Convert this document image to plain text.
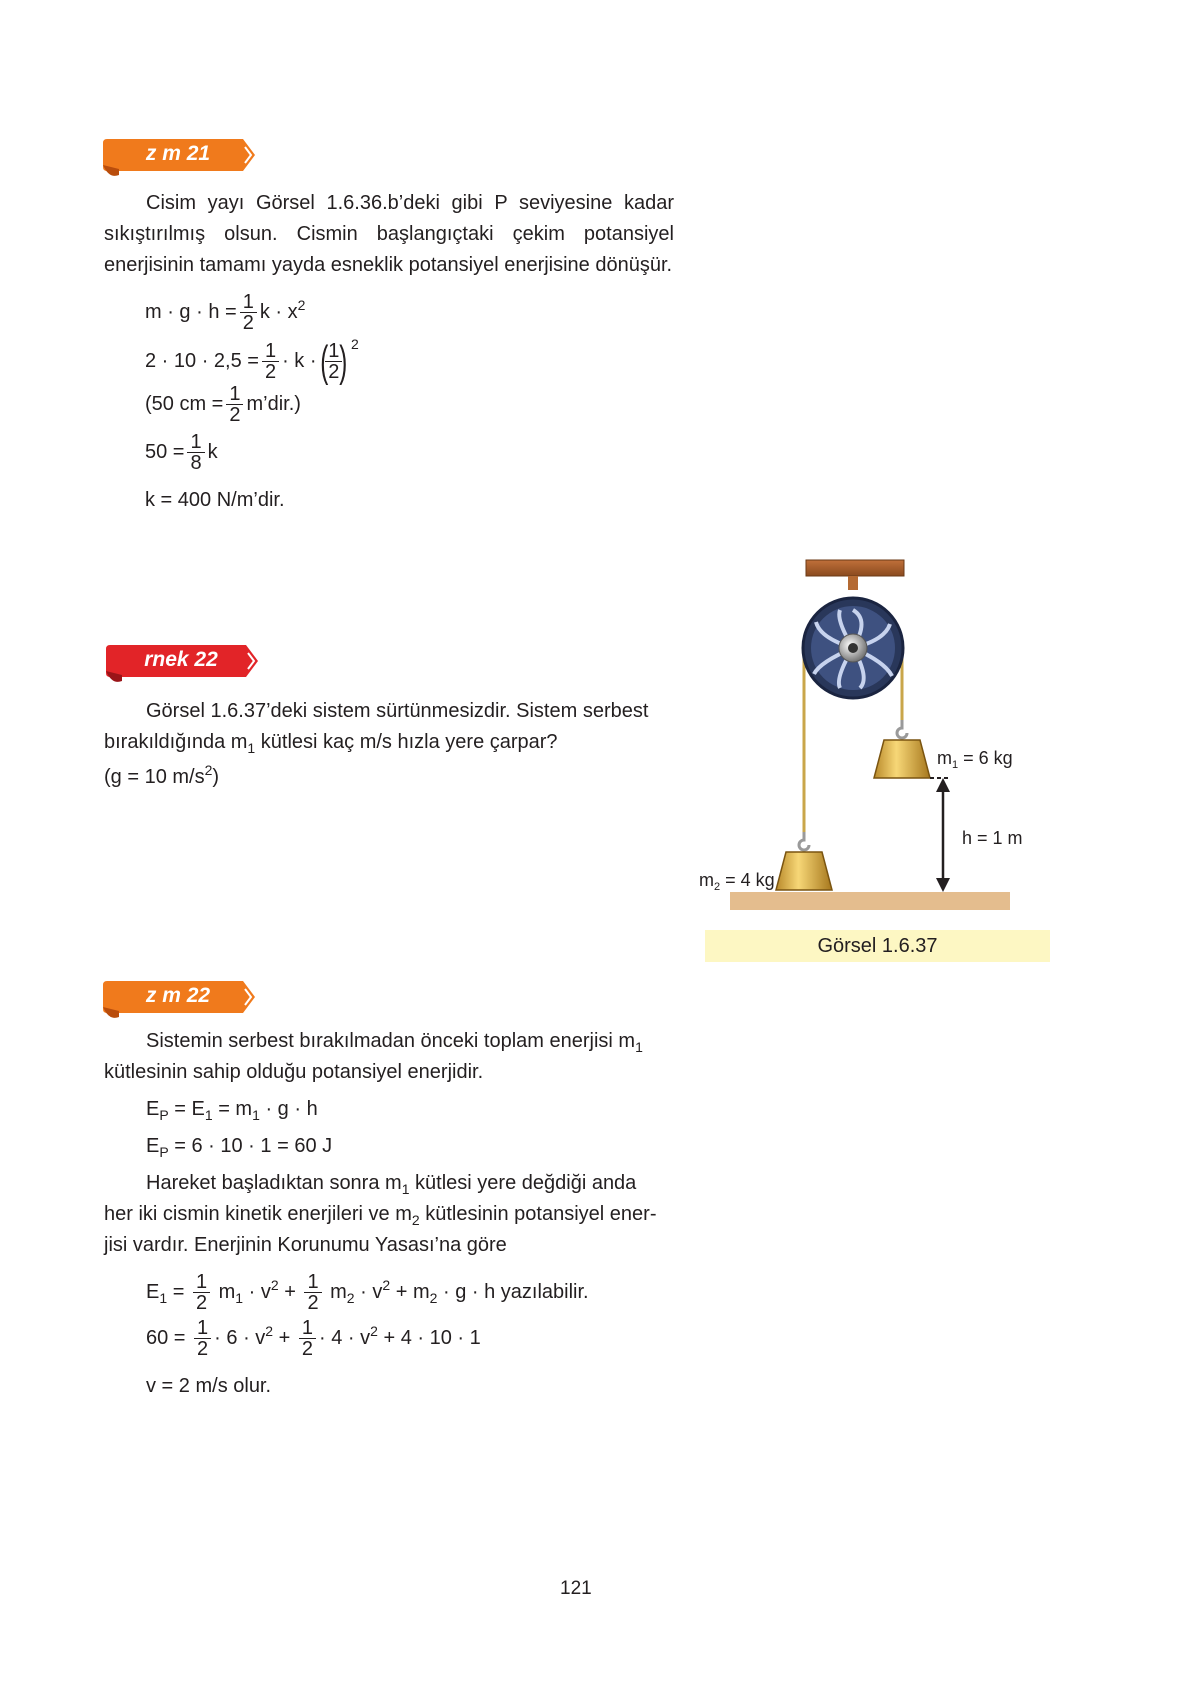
z m 21
Cisim yayı Görsel 1.6.36.b’deki gibi P seviyesine kadar sıkıştırılmış olsun. Cismin başlangıçtaki çekim potansiyel enerjisinin tamamı yayda esneklik potansiyel enerjisine dönüşür.
$m \cdot g \cdot h = \frac{1}{2}$ $k \cdot x^2$
$2 \cdot 10 \cdot 2,5 = \frac{1}{2} \cdot k$ ·(
$\frac{1}{2}$
) $^2$
(50 cm = $\frac{1}{2}$ m’dir.)
$50 = \frac{1}{8}$ k
k = 400 N/m’dir.
rnek 22
Görsel 1.6.37’deki sistem sürtünmesizdir. Sistem serbest
bırakıldığında $m_1$ kütlesi kaç m/s hızla yere çarpar?
(g = 10 $m/s^2$)
$m_1 = 6$ kg
h = 1 m
$m_2 = 4$ kg
Görsel 1.6.37
z m 22
Sistemin serbest bırakılmadan önceki toplam enerjisi $m_1$
kütlesinin sahip olduğu potansiyel enerjidir.
$E_P = E_1 = m_1 \cdot g \cdot h$
$E_P = 6 \cdot 10 \cdot 1 = 60$ J
Hareket başladıktan sonra $m_1$ kütlesi yere değdiği anda
her iki cismin kinetik enerjileri ve $m_2$ kütlesinin potansiyel ener-
jisi vardır. Enerjinin Korunumu Yasası’na göre
$E_1 = \frac{1}{2} m_1 \cdot v^2 + \frac{1}{2} m_2 \cdot v^2 + m_2 \cdot g \cdot h$ yazılabilir.
$60 = \frac{1}{2} \cdot 6 \cdot v^2 + \frac{1}{2} \cdot 4 \cdot v^2 + 4 \cdot 10 \cdot 1$
v = 2 m/s olur.
121
